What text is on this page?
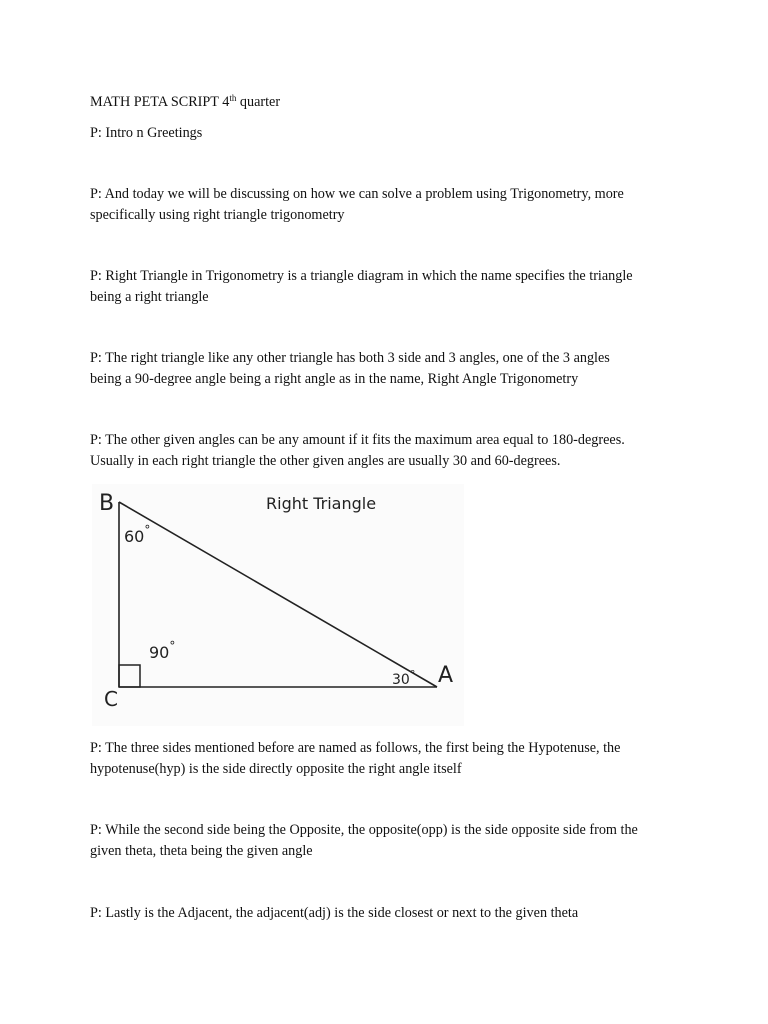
MATH PETA SCRIPT 4th quarter
P: Intro n Greetings
P: And today we will be discussing on how we can solve a problem using Trigonometry, more
specifically using right triangle trigonometry
P: Right Triangle in Trigonometry is a triangle diagram in which the name specifies the triangle
being a right triangle
P: The right triangle like any other triangle has both 3 side and 3 angles, one of the 3 angles
being a 90-degree angle being a right angle as in the name, Right Angle Trigonometry
P: The other given angles can be any amount if it fits the maximum area equal to 180-degrees.
Usually in each right triangle the other given angles are usually 30 and 60-degrees.
Right Triangle
B
C
A
60°
90°
30°
P: The three sides mentioned before are named as follows, the first being the Hypotenuse, the
hypotenuse(hyp) is the side directly opposite the right angle itself
P: While the second side being the Opposite, the opposite(opp) is the side opposite side from the
given theta, theta being the given angle
P: Lastly is the Adjacent, the adjacent(adj) is the side closest or next to the given theta
